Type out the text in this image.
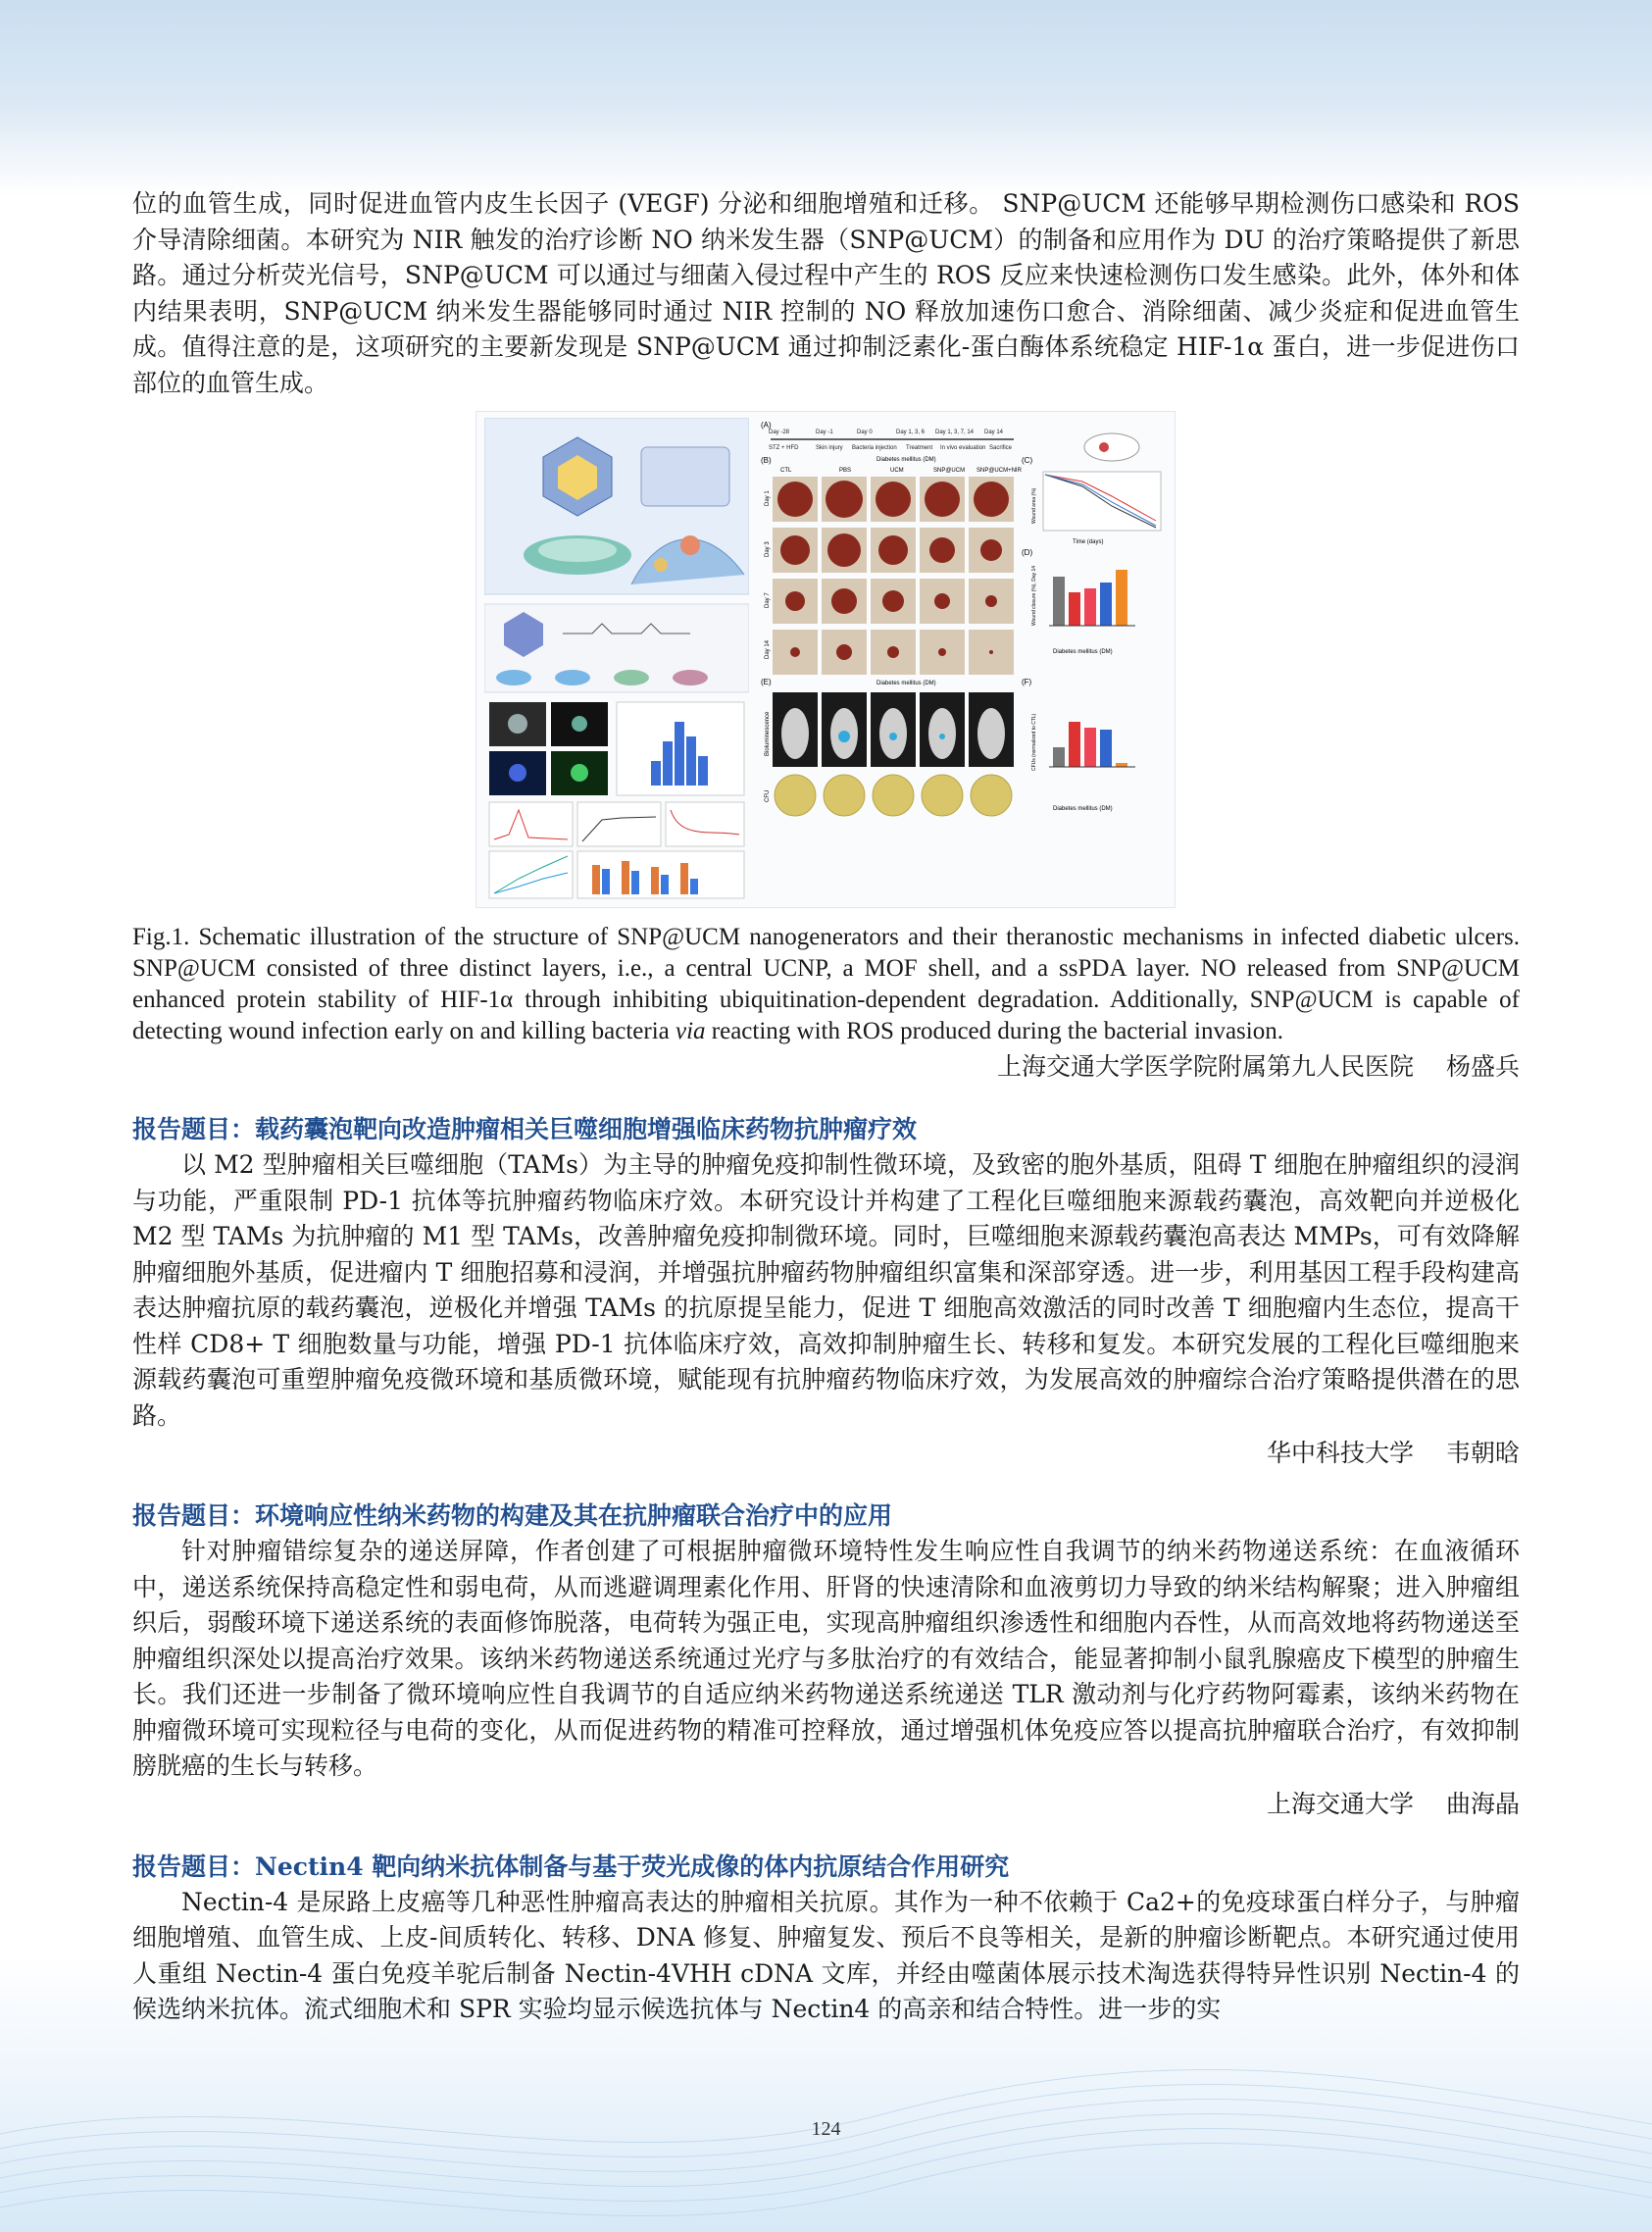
位的血管生成，同时促进血管内皮生长因子 (VEGF) 分泌和细胞增殖和迁移。 SNP@UCM 还能够早期检测伤口感染和 ROS 介导清除细菌。本研究为 NIR 触发的治疗诊断 NO 纳米发生器（SNP@UCM）的制备和应用作为 DU 的治疗策略提供了新思路。通过分析荧光信号，SNP@UCM 可以通过与细菌入侵过程中产生的 ROS 反应来快速检测伤口发生感染。此外，体外和体内结果表明，SNP@UCM 纳米发生器能够同时通过 NIR 控制的 NO 释放加速伤口愈合、消除细菌、减少炎症和促进血管生成。值得注意的是，这项研究的主要新发现是 SNP@UCM 通过抑制泛素化-蛋白酶体系统稳定 HIF-1α 蛋白，进一步促进伤口部位的血管生成。

(A)
Day -28	Day -1	Day 0	Day 1, 3, 6 Day 1, 3, 7, 14 Day 14
STZ + HFD	Skin injury Bacteria injection Treatment In vivo evaluation Sacrifice
(B)	Diabetes mellitus (DM)
CTL	PBS	UCM	SNP@UCM SNP@UCM+NIR
Day 1
Day 3
Day 7
Day 14
(C)
Time (days)
Wound area (%)
(D)
Wound closure (%), Day 14
Diabetes mellitus (DM)
(E)	Diabetes mellitus (DM)
Bioluminescence
CFU
(F)
CFUs (normalized to CTL)
Diabetes mellitus (DM)

Fig.1. Schematic illustration of the structure of SNP@UCM nanogenerators and their theranostic mechanisms in infected diabetic ulcers. SNP@UCM consisted of three distinct layers, i.e., a central UCNP, a MOF shell, and a ssPDA layer. NO released from SNP@UCM enhanced protein stability of HIF-1α through inhibiting ubiquitination-dependent degradation. Additionally, SNP@UCM is capable of detecting wound infection early on and killing bacteria via reacting with ROS produced during the bacterial invasion.

上海交通大学医学院附属第九人民医院　 杨盛兵

报告题目：载药囊泡靶向改造肿瘤相关巨噬细胞增强临床药物抗肿瘤疗效

以 M2 型肿瘤相关巨噬细胞（TAMs）为主导的肿瘤免疫抑制性微环境，及致密的胞外基质，阻碍 T 细胞在肿瘤组织的浸润与功能，严重限制 PD-1 抗体等抗肿瘤药物临床疗效。本研究设计并构建了工程化巨噬细胞来源载药囊泡，高效靶向并逆极化 M2 型 TAMs 为抗肿瘤的 M1 型 TAMs，改善肿瘤免疫抑制微环境。同时，巨噬细胞来源载药囊泡高表达 MMPs，可有效降解肿瘤细胞外基质，促进瘤内 T 细胞招募和浸润，并增强抗肿瘤药物肿瘤组织富集和深部穿透。进一步，利用基因工程手段构建高表达肿瘤抗原的载药囊泡，逆极化并增强 TAMs 的抗原提呈能力，促进 T 细胞高效激活的同时改善 T 细胞瘤内生态位，提高干性样 CD8+ T 细胞数量与功能，增强 PD-1 抗体临床疗效，高效抑制肿瘤生长、转移和复发。本研究发展的工程化巨噬细胞来源载药囊泡可重塑肿瘤免疫微环境和基质微环境，赋能现有抗肿瘤药物临床疗效，为发展高效的肿瘤综合治疗策略提供潜在的思路。

华中科技大学　 韦朝晗

报告题目：环境响应性纳米药物的构建及其在抗肿瘤联合治疗中的应用

针对肿瘤错综复杂的递送屏障，作者创建了可根据肿瘤微环境特性发生响应性自我调节的纳米药物递送系统：在血液循环中，递送系统保持高稳定性和弱电荷，从而逃避调理素化作用、肝肾的快速清除和血液剪切力导致的纳米结构解聚；进入肿瘤组织后，弱酸环境下递送系统的表面修饰脱落，电荷转为强正电，实现高肿瘤组织渗透性和细胞内吞性，从而高效地将药物递送至肿瘤组织深处以提高治疗效果。该纳米药物递送系统通过光疗与多肽治疗的有效结合，能显著抑制小鼠乳腺癌皮下模型的肿瘤生长。我们还进一步制备了微环境响应性自我调节的自适应纳米药物递送系统递送 TLR 激动剂与化疗药物阿霉素，该纳米药物在肿瘤微环境可实现粒径与电荷的变化，从而促进药物的精准可控释放，通过增强机体免疫应答以提高抗肿瘤联合治疗，有效抑制膀胱癌的生长与转移。

上海交通大学　 曲海晶

报告题目：Nectin4 靶向纳米抗体制备与基于荧光成像的体内抗原结合作用研究

Nectin-4 是尿路上皮癌等几种恶性肿瘤高表达的肿瘤相关抗原。其作为一种不依赖于 Ca2+的免疫球蛋白样分子，与肿瘤细胞增殖、血管生成、上皮-间质转化、转移、DNA 修复、肿瘤复发、预后不良等相关，是新的肿瘤诊断靶点。本研究通过使用人重组 Nectin-4 蛋白免疫羊驼后制备 Nectin-4VHH cDNA 文库，并经由噬菌体展示技术淘选获得特异性识别 Nectin-4 的候选纳米抗体。流式细胞术和 SPR 实验均显示候选抗体与 Nectin4 的高亲和结合特性。进一步的实

124
